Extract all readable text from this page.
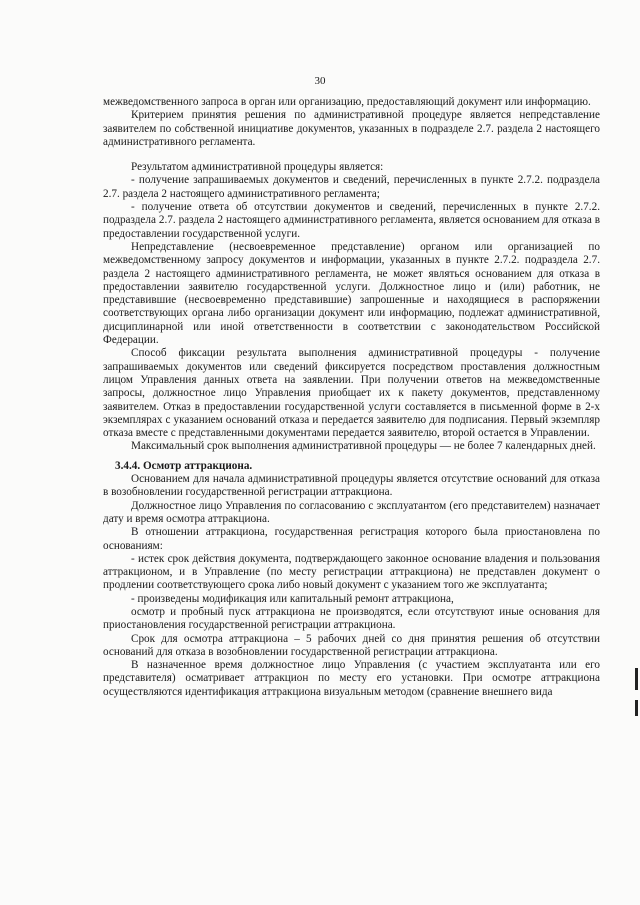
30

межведомственного запроса в орган или организацию, предоставляющий документ или информацию.

Критерием принятия решения по административной процедуре является непредставление заявителем по собственной инициативе документов, указанных в подразделе 2.7. раздела 2 настоящего административного регламента.

Результатом административной процедуры является:

- получение запрашиваемых документов и сведений, перечисленных в пункте 2.7.2. подраздела 2.7. раздела 2 настоящего административного регламента;

- получение ответа об отсутствии документов и сведений, перечисленных в пункте 2.7.2. подраздела 2.7. раздела 2 настоящего административного регламента, является основанием для отказа в предоставлении государственной услуги.

Непредставление (несвоевременное представление) органом или организацией по межведомственному запросу документов и информации, указанных в пункте 2.7.2. подраздела 2.7. раздела 2 настоящего административного регламента, не может являться основанием для отказа в предоставлении заявителю государственной услуги. Должностное лицо и (или) работник, не представившие (несвоевременно представившие) запрошенные и находящиеся в распоряжении соответствующих органа либо организации документ или информацию, подлежат административной, дисциплинарной или иной ответственности в соответствии с законодательством Российской Федерации.

Способ фиксации результата выполнения административной процедуры - получение запрашиваемых документов или сведений фиксируется посредством проставления должностным лицом Управления данных ответа на заявлении. При получении ответов на межведомственные запросы, должностное лицо Управления приобщает их к пакету документов, представленному заявителем. Отказ в предоставлении государственной услуги составляется в письменной форме в 2-х экземплярах с указанием оснований отказа и передается заявителю для подписания. Первый экземпляр отказа вместе с представленными документами передается заявителю, второй остается в Управлении.

Максимальный срок выполнения административной процедуры — не более 7 календарных дней.

3.4.4. Осмотр аттракциона.

Основанием для начала административной процедуры является отсутствие оснований для отказа в возобновлении государственной регистрации аттракциона.

Должностное лицо Управления по согласованию с эксплуатантом (его представителем) назначает дату и время осмотра аттракциона.

В отношении аттракциона, государственная регистрация которого была приостановлена по основаниям:

- истек срок действия документа, подтверждающего законное основание владения и пользования аттракционом, и в Управление (по месту регистрации аттракциона) не представлен документ о продлении соответствующего срока либо новый документ с указанием того же эксплуатанта;

- произведены модификация или капитальный ремонт аттракциона,

осмотр и пробный пуск аттракциона не производятся, если отсутствуют иные основания для приостановления государственной регистрации аттракциона.

Срок для осмотра аттракциона – 5 рабочих дней со дня принятия решения об отсутствии оснований для отказа в возобновлении государственной регистрации аттракциона.

В назначенное время должностное лицо Управления (с участием эксплуатанта или его представителя) осматривает аттракцион по месту его установки. При осмотре аттракциона осуществляются идентификация аттракциона визуальным методом (сравнение внешнего вида
